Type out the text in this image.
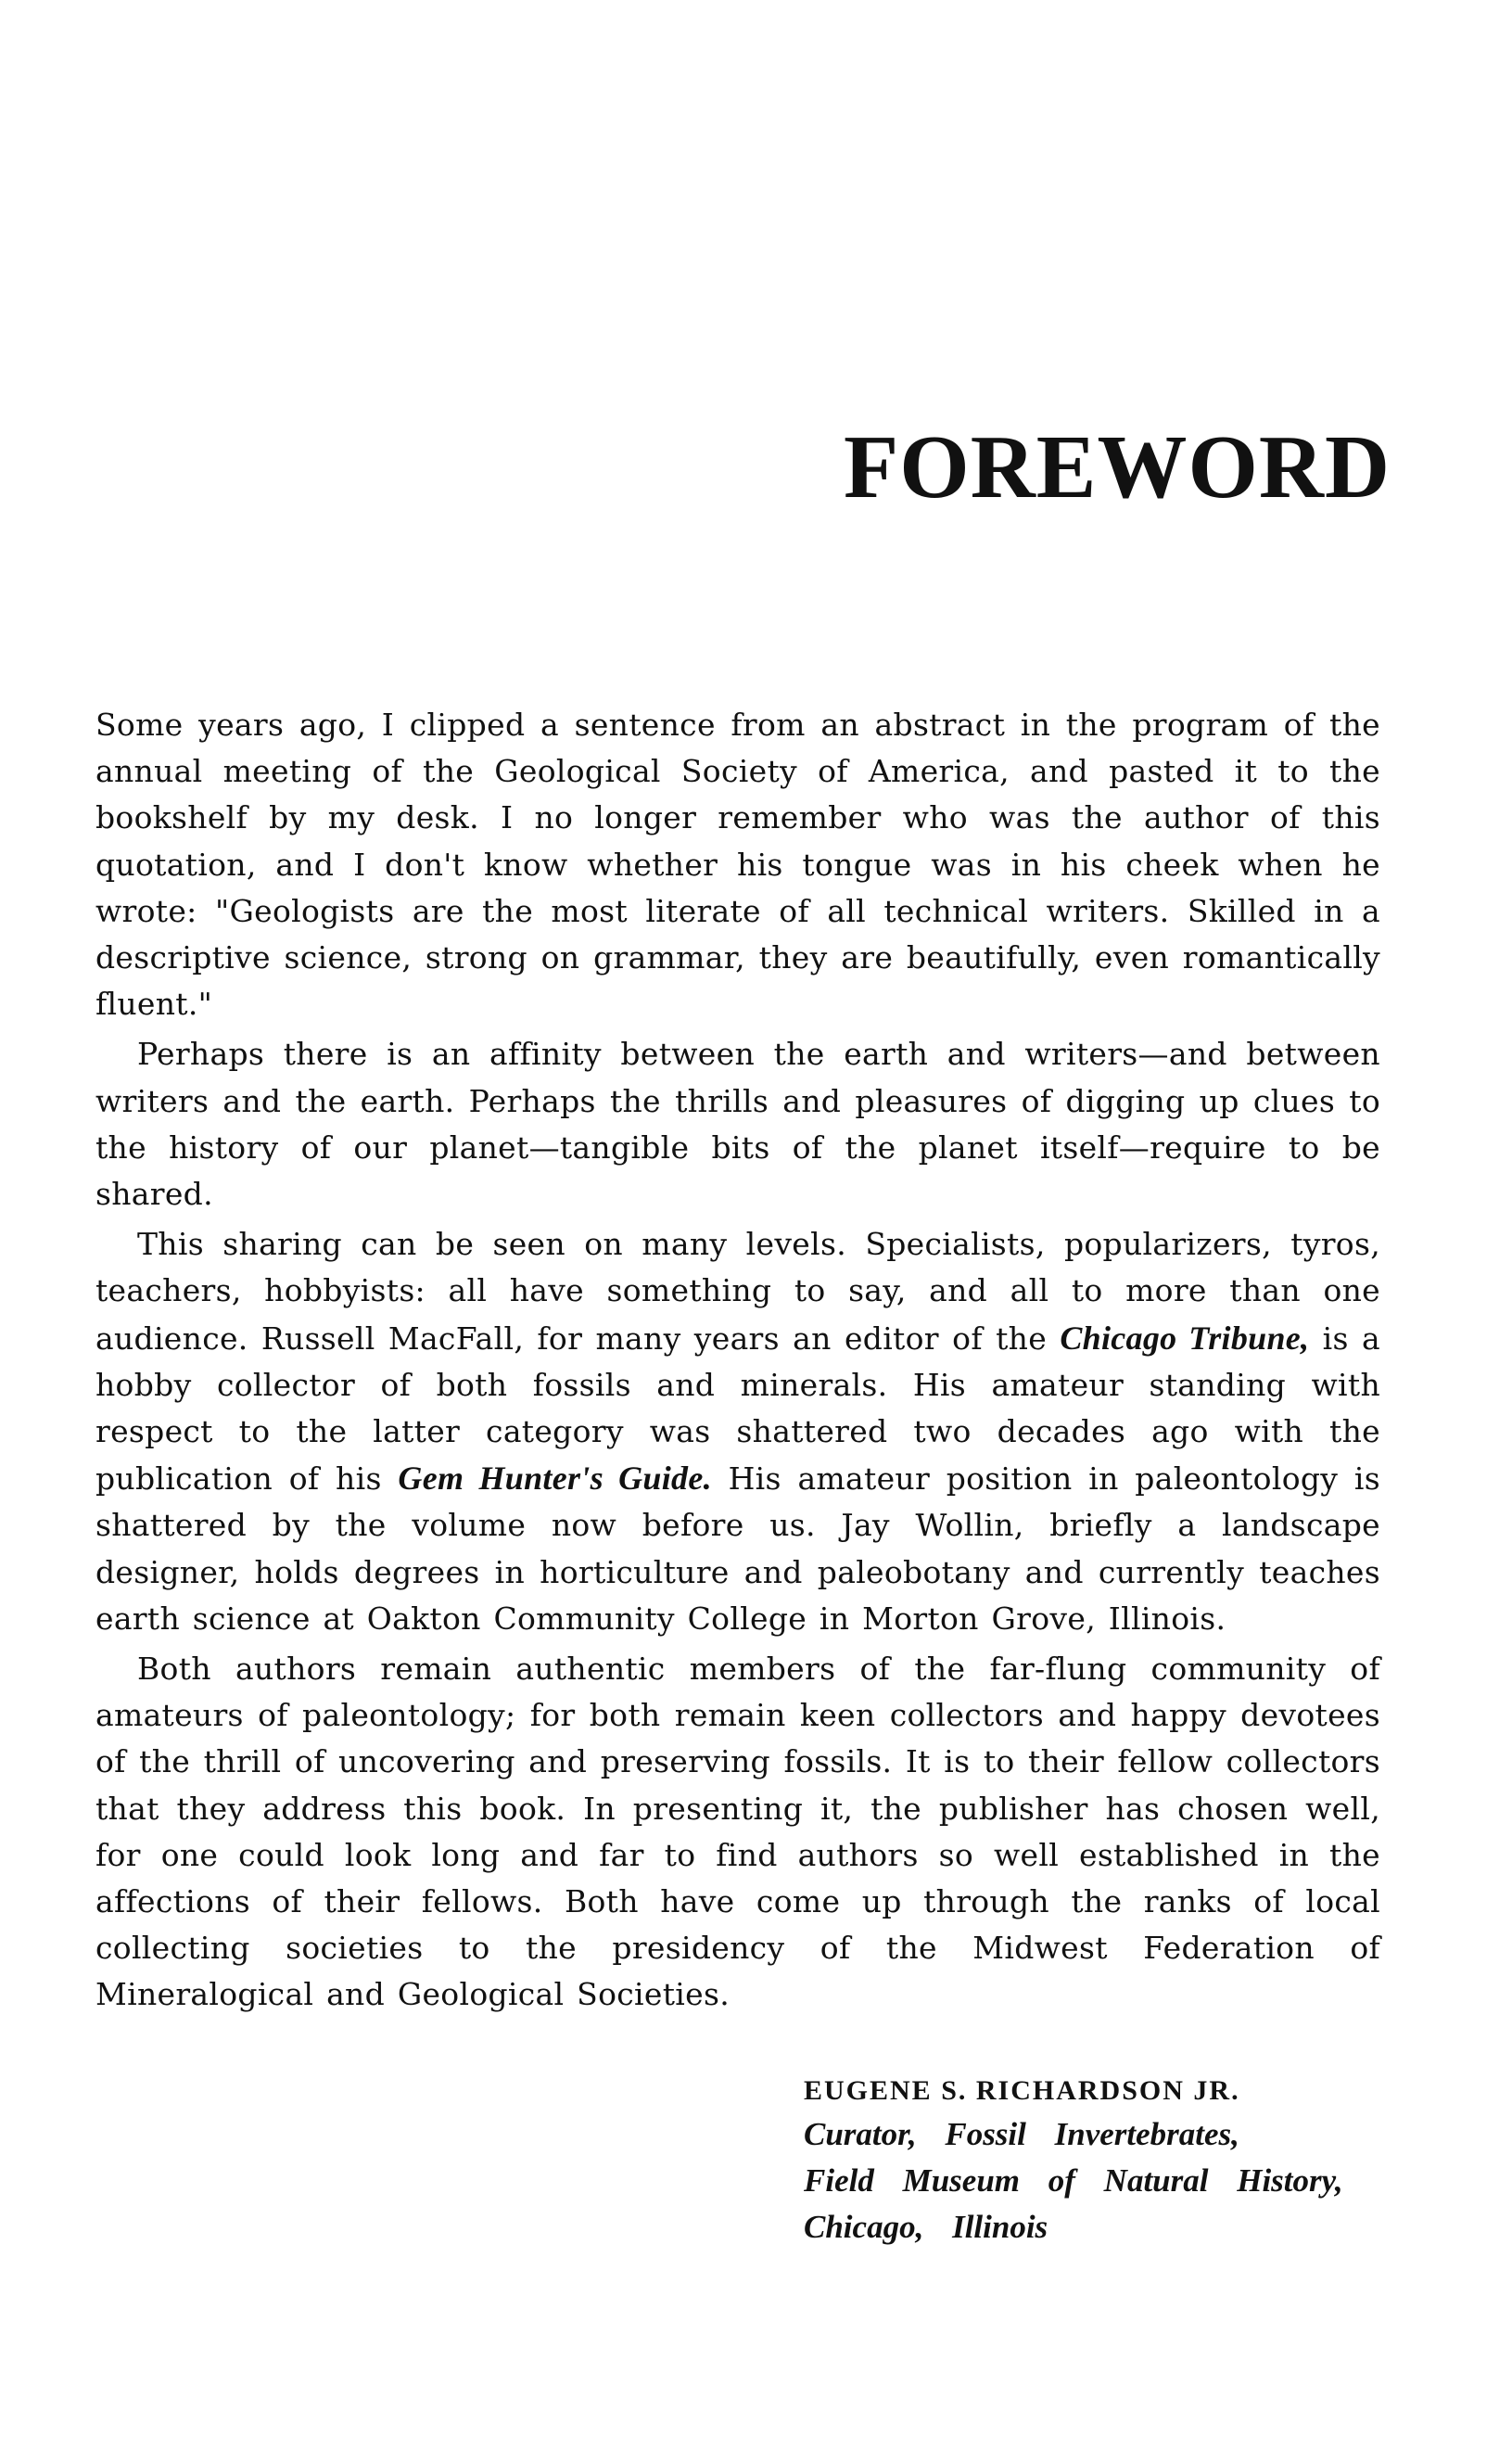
FOREWORD

Some years ago, I clipped a sentence from an abstract in the program of the annual meeting of the Geological Society of America, and pasted it to the bookshelf by my desk. I no longer remember who was the author of this quotation, and I don't know whether his tongue was in his cheek when he wrote: "Geologists are the most literate of all technical writers. Skilled in a descriptive science, strong on grammar, they are beautifully, even romantically fluent."

Perhaps there is an affinity between the earth and writers—and between writers and the earth. Perhaps the thrills and pleasures of digging up clues to the history of our planet—tangible bits of the planet itself—require to be shared.

This sharing can be seen on many levels. Specialists, popularizers, tyros, teachers, hobbyists: all have something to say, and all to more than one audience. Russell MacFall, for many years an editor of the Chicago Tribune, is a hobby collector of both fossils and minerals. His amateur standing with respect to the latter category was shattered two decades ago with the publication of his Gem Hunter's Guide. His amateur position in paleontology is shattered by the volume now before us. Jay Wollin, briefly a landscape designer, holds degrees in horticulture and paleobotany and currently teaches earth science at Oakton Community College in Morton Grove, Illinois.

Both authors remain authentic members of the far-flung community of amateurs of paleontology; for both remain keen collectors and happy devotees of the thrill of uncovering and preserving fossils. It is to their fellow collectors that they address this book. In presenting it, the publisher has chosen well, for one could look long and far to find authors so well established in the affections of their fellows. Both have come up through the ranks of local collecting societies to the presidency of the Midwest Federation of Mineralogical and Geological Societies.

EUGENE S. RICHARDSON JR.

Curator, Fossil Invertebrates,

Field Museum of Natural History,

Chicago, Illinois
